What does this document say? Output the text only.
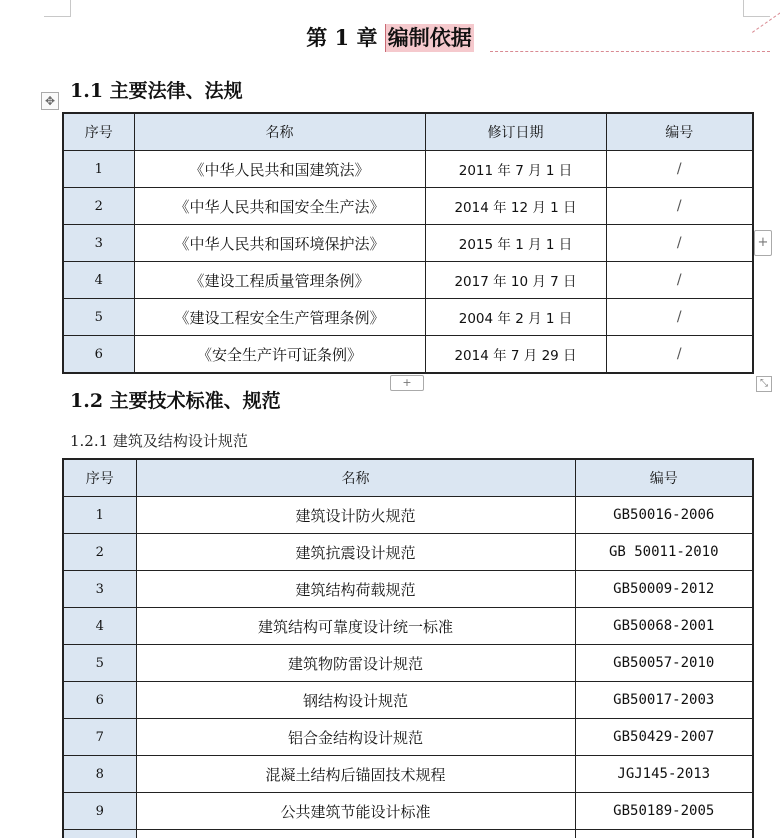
第 1 章 编制依据
1.1 主要法律、法规
✥
序号	名称	修订日期	编号
1	《中华人民共和国建筑法》	2011 年 7 月 1 日	/
2	《中华人民共和国安全生产法》	2014 年 12 月 1 日	/
3	《中华人民共和国环境保护法》	2015 年 1 月 1 日	/
4	《建设工程质量管理条例》	2017 年 10 月 7 日	/
5	《建设工程安全生产管理条例》	2004 年 2 月 1 日	/
6	《安全生产许可证条例》	2014 年 7 月 29 日	/
+
+	⤡
1.2 主要技术标准、规范
1.2.1 建筑及结构设计规范
序号	名称	编号
1	建筑设计防火规范	GB50016-2006
2	建筑抗震设计规范	GB 50011-2010
3	建筑结构荷载规范	GB50009-2012
4	建筑结构可靠度设计统一标准	GB50068-2001
5	建筑物防雷设计规范	GB50057-2010
6	钢结构设计规范	GB50017-2003
7	铝合金结构设计规范	GB50429-2007
8	混凝土结构后锚固技术规程	JGJ145-2013
9	公共建筑节能设计标准	GB50189-2005
